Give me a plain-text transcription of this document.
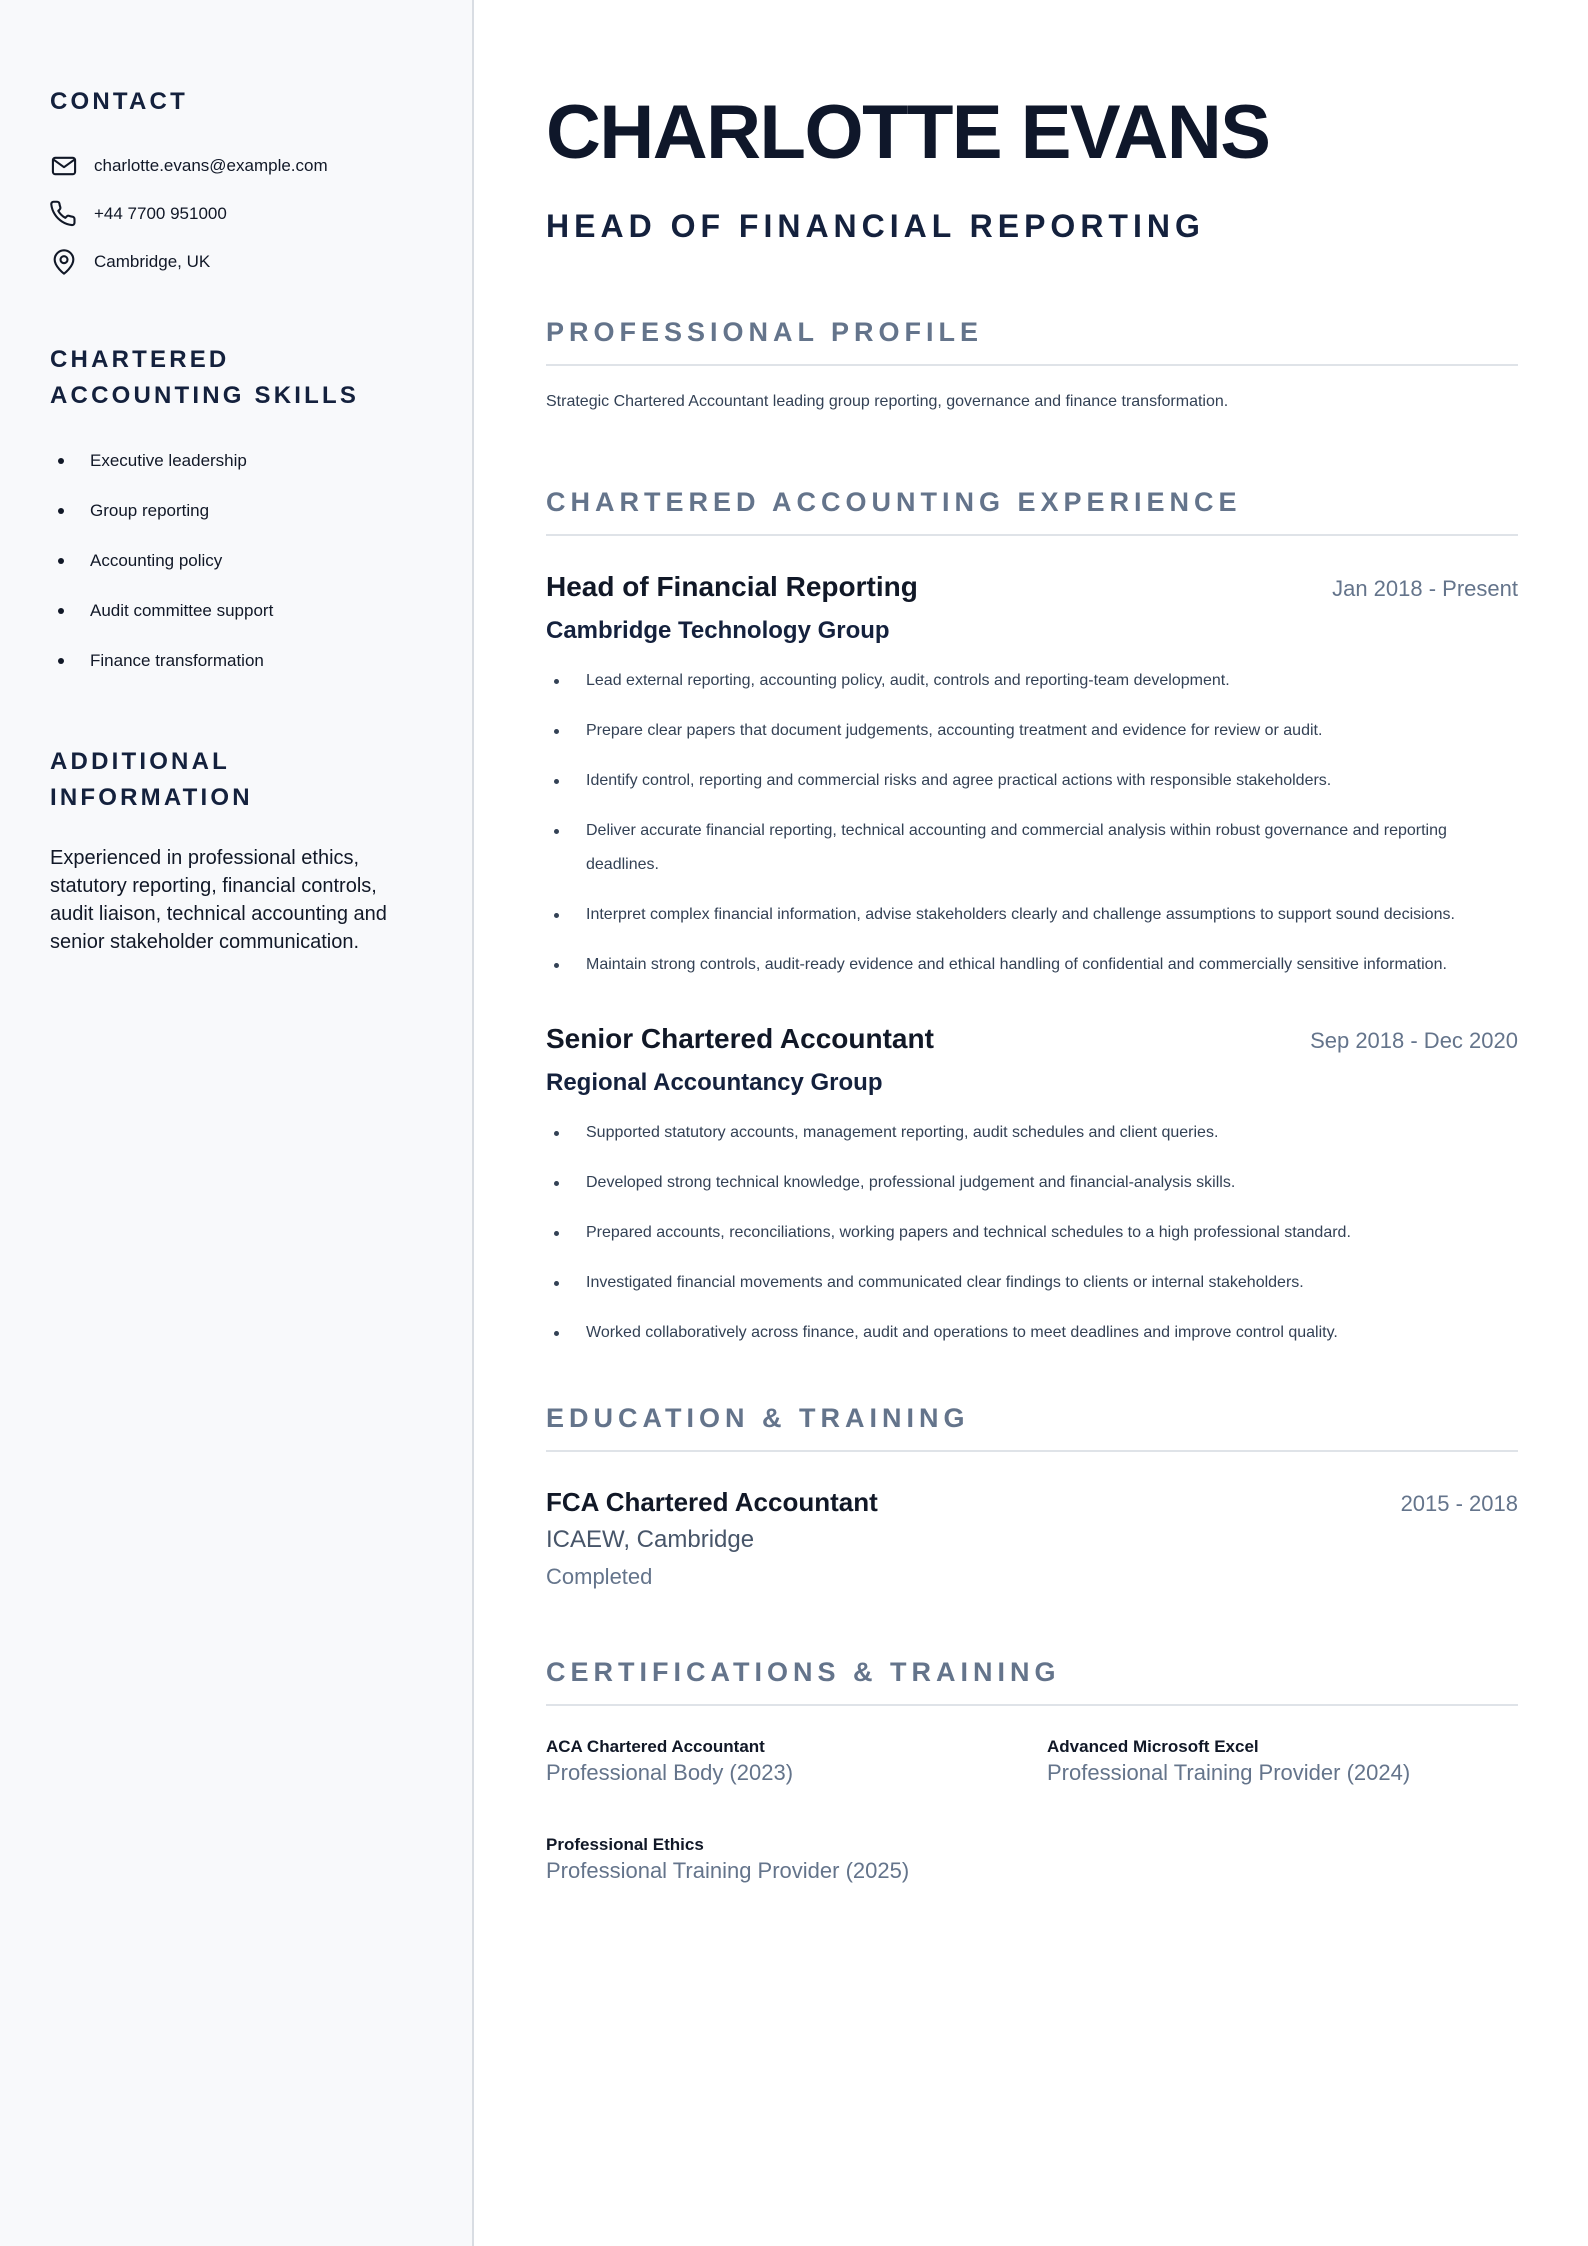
CONTACT
charlotte.evans@example.com
+44 7700 951000
Cambridge, UK
CHARTERED ACCOUNTING SKILLS
Executive leadership
Group reporting
Accounting policy
Audit committee support
Finance transformation
ADDITIONAL INFORMATION
Experienced in professional ethics, statutory reporting, financial controls, audit liaison, technical accounting and senior stakeholder communication.
CHARLOTTE EVANS
HEAD OF FINANCIAL REPORTING
PROFESSIONAL PROFILE
Strategic Chartered Accountant leading group reporting, governance and finance transformation.
CHARTERED ACCOUNTING EXPERIENCE
Head of Financial Reporting	Jan 2018 - Present
Cambridge Technology Group
Lead external reporting, accounting policy, audit, controls and reporting-team development.
Prepare clear papers that document judgements, accounting treatment and evidence for review or audit.
Identify control, reporting and commercial risks and agree practical actions with responsible stakeholders.
Deliver accurate financial reporting, technical accounting and commercial analysis within robust governance and reporting deadlines.
Interpret complex financial information, advise stakeholders clearly and challenge assumptions to support sound decisions.
Maintain strong controls, audit-ready evidence and ethical handling of confidential and commercially sensitive information.
Senior Chartered Accountant	Sep 2018 - Dec 2020
Regional Accountancy Group
Supported statutory accounts, management reporting, audit schedules and client queries.
Developed strong technical knowledge, professional judgement and financial-analysis skills.
Prepared accounts, reconciliations, working papers and technical schedules to a high professional standard.
Investigated financial movements and communicated clear findings to clients or internal stakeholders.
Worked collaboratively across finance, audit and operations to meet deadlines and improve control quality.
EDUCATION & TRAINING
FCA Chartered Accountant	2015 - 2018
ICAEW, Cambridge
Completed
CERTIFICATIONS & TRAINING
ACA Chartered Accountant
Professional Body (2023)
Advanced Microsoft Excel
Professional Training Provider (2024)
Professional Ethics
Professional Training Provider (2025)
